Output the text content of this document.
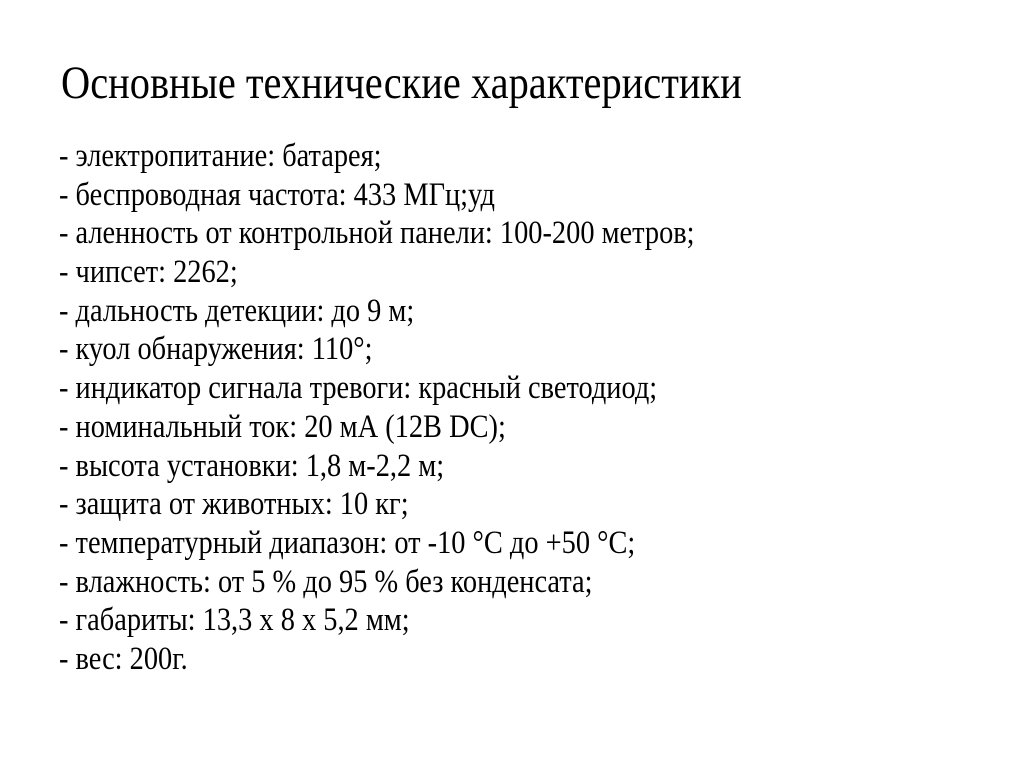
Основные технические характеристики
- электропитание: батарея;
- беспроводная частота: 433 МГц;уд
- аленность от контрольной панели: 100-200 метров;
- чипсет: 2262;
- дальность детекции: до 9 м;
- куол обнаружения: 110°;
- индикатор сигнала тревоги: красный светодиод;
- номинальный ток: 20 мА (12В DC);
- высота установки: 1,8 м-2,2 м;
- защита от животных: 10 кг;
- температурный диапазон: от -10 °С до +50 °С;
- влажность: от 5 % до 95 % без конденсата;
- габариты: 13,3 х 8 х 5,2 мм;
- вес: 200г.
